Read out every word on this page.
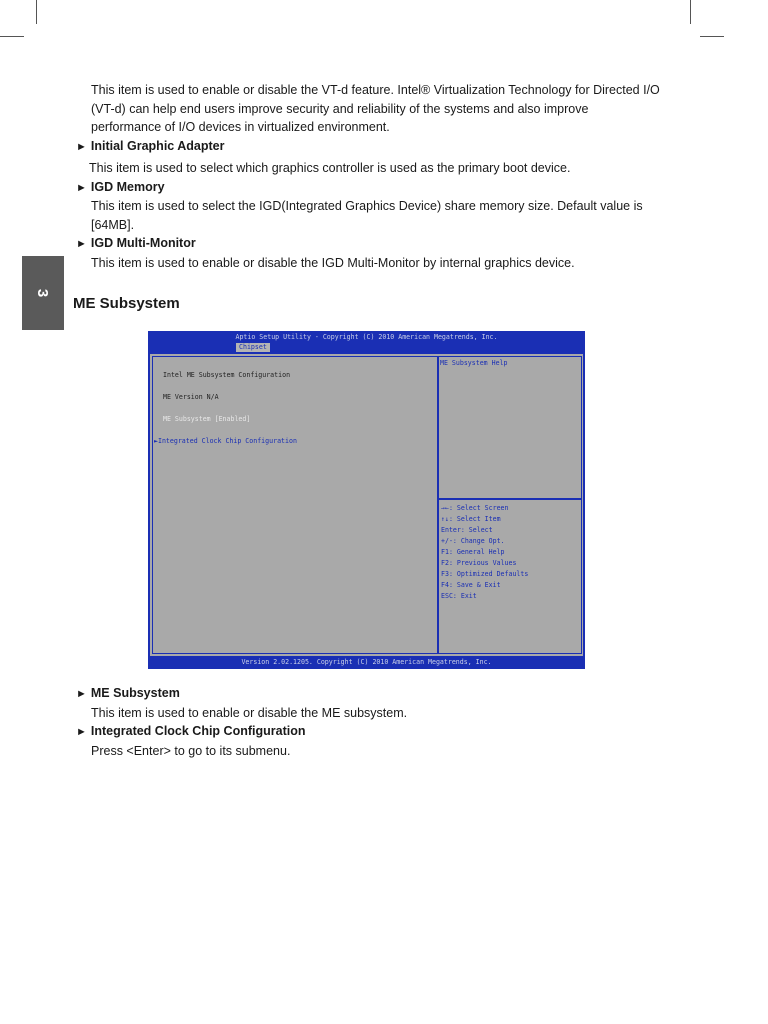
This item is used to enable or disable the VT-d feature. Intel® Virtualization Technology for Directed I/O (VT-d) can help end users improve security and reliability of the systems and also improve performance of I/O devices in virtualized environment.

► Initial Graphic Adapter

This item is used to select which graphics controller is used as the primary boot device.

► IGD Memory

This item is used to select the IGD(Integrated Graphics Device) share memory size. Default value is [64MB].

► IGD Multi-Monitor

This item is used to enable or disable the IGD Multi-Monitor by internal graphics device.

3
ME Subsystem
Aptio Setup Utility - Copyright (C) 2010 American Megatrends, Inc.
Chipset
Intel ME Subsystem Configuration
ME Version N/A
ME Subsystem [Enabled]
►Integrated Clock Chip Configuration
ME Subsystem Help
→←: Select Screen
↑↓: Select Item
Enter: Select
+/-: Change Opt.
F1: General Help
F2: Previous Values
F3: Optimized Defaults
F4: Save & Exit
ESC: Exit
Version 2.02.1205. Copyright (C) 2010 American Megatrends, Inc.

► ME Subsystem

This item is used to enable or disable the ME subsystem.

► Integrated Clock Chip Configuration

Press <Enter> to go to its submenu.
